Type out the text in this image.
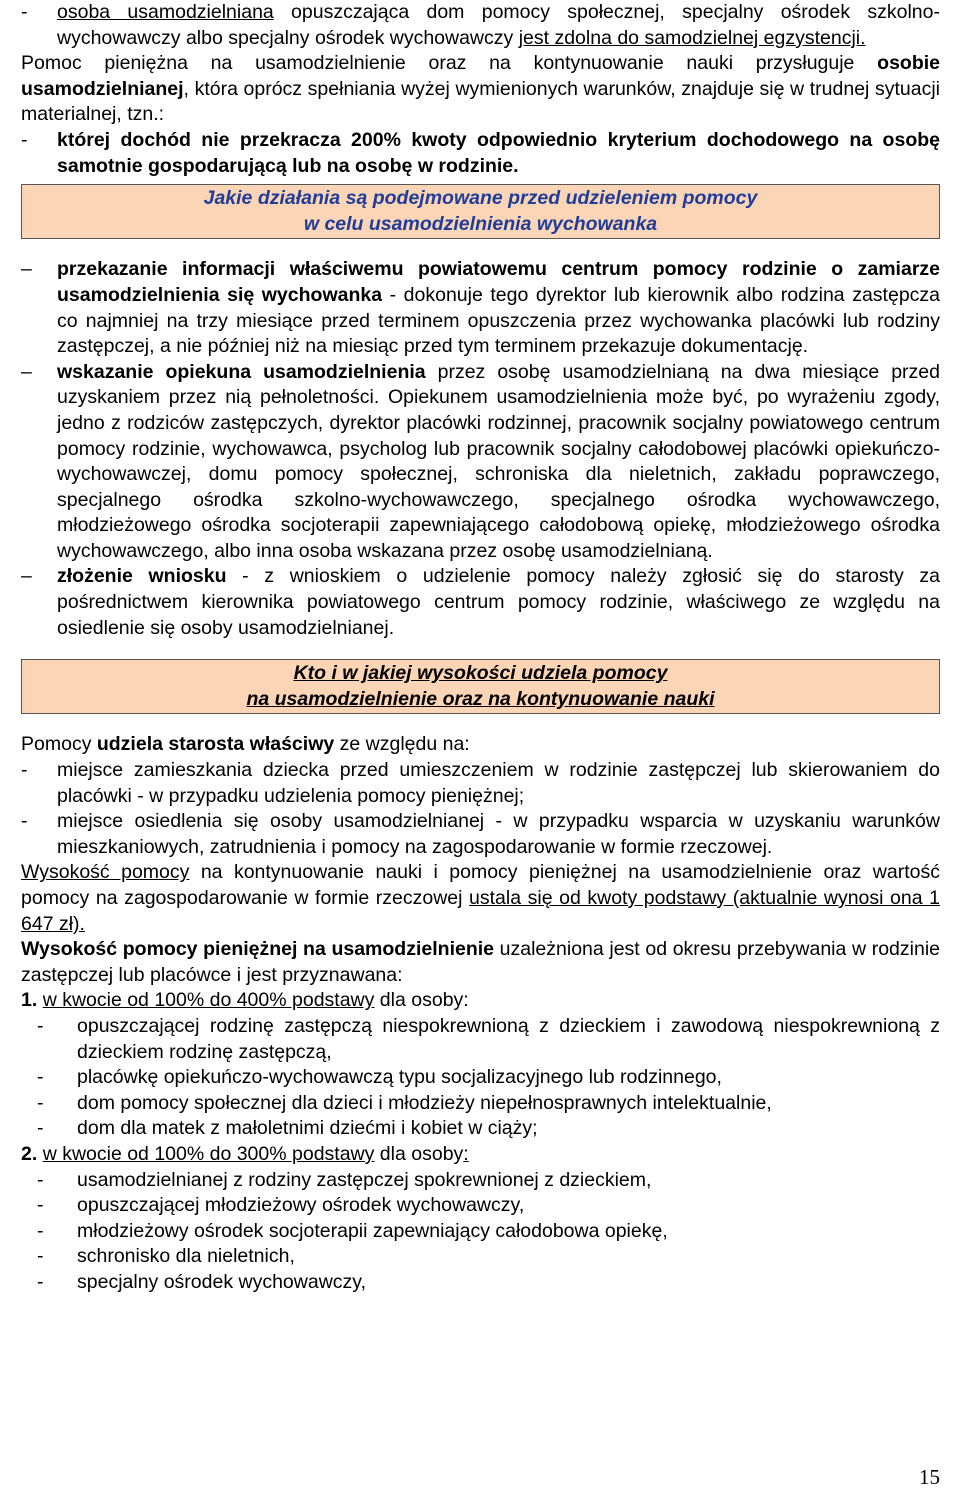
-	osoba usamodzielniana opuszczająca dom pomocy społecznej, specjalny ośrodek szkolno-wychowawczy albo specjalny ośrodek wychowawczy jest zdolna do samodzielnej egzystencji.

Pomoc pieniężna na usamodzielnienie oraz na kontynuowanie nauki przysługuje osobie usamodzielnianej, która oprócz spełniania wyżej wymienionych warunków, znajduje się w trudnej sytuacji materialnej, tzn.:

-	której dochód nie przekracza 200% kwoty odpowiednio kryterium dochodowego na osobę samotnie gospodarującą lub na osobę w rodzinie.
Jakie działania są podejmowane przed udzieleniem pomocy
w celu usamodzielnienia wychowanka
–	przekazanie informacji właściwemu powiatowemu centrum pomocy rodzinie o zamiarze usamodzielnienia się wychowanka - dokonuje tego dyrektor lub kierownik albo rodzina zastępcza co najmniej na trzy miesiące przed terminem opuszczenia przez wychowanka placówki lub rodziny zastępczej, a nie później niż na miesiąc przed tym terminem przekazuje dokumentację.
–	wskazanie opiekuna usamodzielnienia przez osobę usamodzielnianą na dwa miesiące przed uzyskaniem przez nią pełnoletności. Opiekunem usamodzielnienia może być, po wyrażeniu zgody, jedno z rodziców zastępczych, dyrektor placówki rodzinnej, pracownik socjalny powiatowego centrum pomocy rodzinie, wychowawca, psycholog lub pracownik socjalny całodobowej placówki opiekuńczo-wychowawczej, domu pomocy społecznej, schroniska dla nieletnich, zakładu poprawczego, specjalnego ośrodka szkolno-wychowawczego, specjalnego ośrodka wychowawczego, młodzieżowego ośrodka socjoterapii zapewniającego całodobową opiekę, młodzieżowego ośrodka wychowawczego, albo inna osoba wskazana przez osobę usamodzielnianą.
–	złożenie wniosku - z wnioskiem o udzielenie pomocy należy zgłosić się do starosty za pośrednictwem kierownika powiatowego centrum pomocy rodzinie, właściwego ze względu na osiedlenie się osoby usamodzielnianej.
Kto i w jakiej wysokości udziela pomocy
na usamodzielnienie oraz na kontynuowanie nauki

Pomocy udziela starosta właściwy ze względu na:

-	miejsce zamieszkania dziecka przed umieszczeniem w rodzinie zastępczej lub skierowaniem do placówki - w przypadku udzielenia pomocy pieniężnej;
-	miejsce osiedlenia się osoby usamodzielnianej - w przypadku wsparcia w uzyskaniu warunków mieszkaniowych, zatrudnienia i pomocy na zagospodarowanie w formie rzeczowej.

Wysokość pomocy na kontynuowanie nauki i pomocy pieniężnej na usamodzielnienie oraz wartość pomocy na zagospodarowanie w formie rzeczowej ustala się od kwoty podstawy (aktualnie wynosi ona 1 647 zł).

Wysokość pomocy pieniężnej na usamodzielnienie uzależniona jest od okresu przebywania w rodzinie zastępczej lub placówce i jest przyznawana:

1. w kwocie od 100% do 400% podstawy dla osoby:
-	opuszczającej rodzinę zastępczą niespokrewnioną z dzieckiem i zawodową niespokrewnioną z dzieckiem rodzinę zastępczą,
-	placówkę opiekuńczo-wychowawczą typu socjalizacyjnego lub rodzinnego,
-	dom pomocy społecznej dla dzieci i młodzieży niepełnosprawnych intelektualnie,
-	dom dla matek z małoletnimi dziećmi i kobiet w ciąży;
2. w kwocie od 100% do 300% podstawy dla osoby:
-	usamodzielnianej z rodziny zastępczej spokrewnionej z dzieckiem,
-	opuszczającej młodzieżowy ośrodek wychowawczy,
-	młodzieżowy ośrodek socjoterapii zapewniający całodobowa opiekę,
-	schronisko dla nieletnich,
-	specjalny ośrodek wychowawczy,
15
